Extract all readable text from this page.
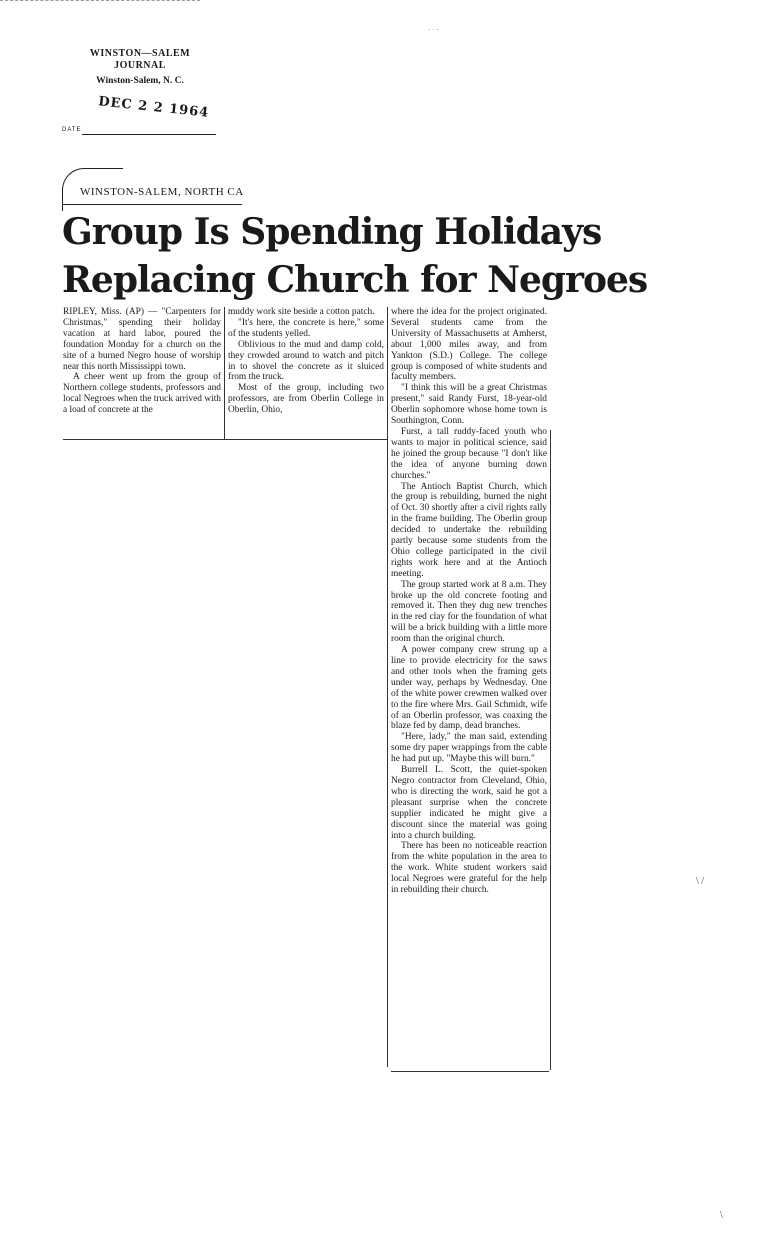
· · ·
WINSTON—SALEM
JOURNAL
Winston-Salem, N. C.
DEC 2 2 1964
DATE
WINSTON-SALEM, NORTH CA
Group Is Spending Holidays
Replacing Church for Negroes

RIPLEY, Miss. (AP) — "Carpenters for Christmas," spending their holiday vacation at hard labor, poured the foundation Monday for a church on the site of a burned Negro house of worship near this north Mississippi town.

A cheer went up from the group of Northern college students, professors and local Negroes when the truck arrived with a load of concrete at the

muddy work site beside a cotton patch.

"It's here, the concrete is here," some of the students yelled.

Oblivious to the mud and damp cold, they crowded around to watch and pitch in to shovel the concrete as it sluiced from the truck.

Most of the group, including two professors, are from Oberlin College in Oberlin, Ohio,

where the idea for the project originated. Several students came from the University of Massachusetts at Amherst, about 1,000 miles away, and from Yankton (S.D.) College. The college group is composed of white students and faculty members.

"I think this will be a great Christmas present," said Randy Furst, 18-year-old Oberlin sophomore whose home town is Southington, Conn.

Furst, a tall ruddy-faced youth who wants to major in political science, said he joined the group because "I don't like the idea of anyone burning down churches."

The Antioch Baptist Church, which the group is rebuilding, burned the night of Oct. 30 shortly after a civil rights rally in the frame building. The Oberlin group decided to undertake the rebuilding partly because some students from the Ohio college participated in the civil rights work here and at the Antioch meeting.

The group started work at 8 a.m. They broke up the old concrete footing and removed it. Then they dug new trenches in the red clay for the foundation of what will be a brick building with a little more room than the original church.

A power company crew strung up a line to provide electricity for the saws and other tools when the framing gets under way, perhaps by Wednesday. One of the white power crewmen walked over to the fire where Mrs. Gail Schmidt, wife of an Oberlin professor, was coaxing the blaze fed by damp, dead branches.

"Here, lady," the man said, extending some dry paper wrappings from the cable he had put up. "Maybe this will burn."

Burrell L. Scott, the quiet-spoken Negro contractor from Cleveland, Ohio, who is directing the work, said he got a pleasant surprise when the concrete supplier indicated he might give a discount since the material was going into a church building.

There has been no noticeable reaction from the white population in the area to the work. White student workers said local Negroes were grateful for the help in rebuilding their church.

\ /
\
